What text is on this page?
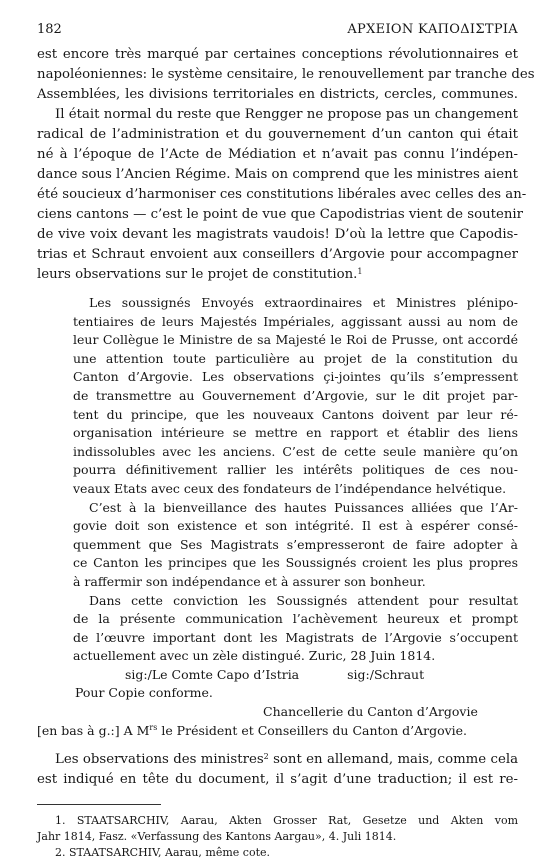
182	ΑΡΧΕΙΟΝ ΚΑΠΟΔΙΣΤΡΙΑ
est encore très marqué par certaines conceptions révolutionnaires et
napoléoniennes: le système censitaire, le renouvellement par tranche des
Assemblées, les divisions territoriales en districts, cercles, communes.
Il était normal du reste que Rengger ne propose pas un changement
radical de l’administration et du gouvernement d’un canton qui était
né à l’époque de l’Acte de Médiation et n’avait pas connu l’indépen-
dance sous l’Ancien Régime. Mais on comprend que les ministres aient
été soucieux d’harmoniser ces constitutions libérales avec celles des an-
ciens cantons — c’est le point de vue que Capodistrias vient de soutenir
de vive voix devant les magistrats vaudois! D’où la lettre que Capodis-
trias et Schraut envoient aux conseillers d’Argovie pour accompagner
leurs observations sur le projet de constitution.$^1$
Les soussignés Envoyés extraordinaires et Ministres plénipo-
tentiaires de leurs Majestés Impériales, aggissant aussi au nom de
leur Collègue le Ministre de sa Majesté le Roi de Prusse, ont accordé
une attention toute particulière au projet de la constitution du
Canton d’Argovie. Les observations çi-jointes qu’ils s’empressent
de transmettre au Gouvernement d’Argovie, sur le dit projet par-
tent du principe, que les nouveaux Cantons doivent par leur ré-
organisation intérieure se mettre en rapport et établir des liens
indissolubles avec les anciens. C’est de cette seule manière qu’on
pourra définitivement rallier les intérêts politiques de ces nou-
veaux Etats avec ceux des fondateurs de l’indépendance helvétique.
C’est à la bienveillance des hautes Puissances alliées que l’Ar-
govie doit son existence et son intégrité. Il est à espérer consé-
quemment que Ses Magistrats s’empresseront de faire adopter à
ce Canton les principes que les Soussignés croient les plus propres
à raffermir son indépendance et à assurer son bonheur.
Dans cette conviction les Soussignés attendent pour resultat
de la présente communication l’achèvement heureux et prompt
de l’œuvre important dont les Magistrats de l’Argovie s’occupent
actuellement avec un zèle distingué. Zuric, 28 Juin 1814.
sig:/Le Comte Capo d’Istria	sig:/Schraut
Pour Copie conforme.
Chancellerie du Canton d’Argovie
[en bas à g.:] A $M^{rs}$ le Président et Conseillers du Canton d’Argovie.
Les observations des ministres$^2$ sont en allemand, mais, comme cela
est indiqué en tête du document, il s’agit d’une traduction; il est re-
1. STAATSARCHIV, Aarau, Akten Grosser Rat, Gesetze und Akten vom
Jahr 1814, Fasz. «Verfassung des Kantons Aargau», 4. Juli 1814.
2. STAATSARCHIV, Aarau, même cote.
